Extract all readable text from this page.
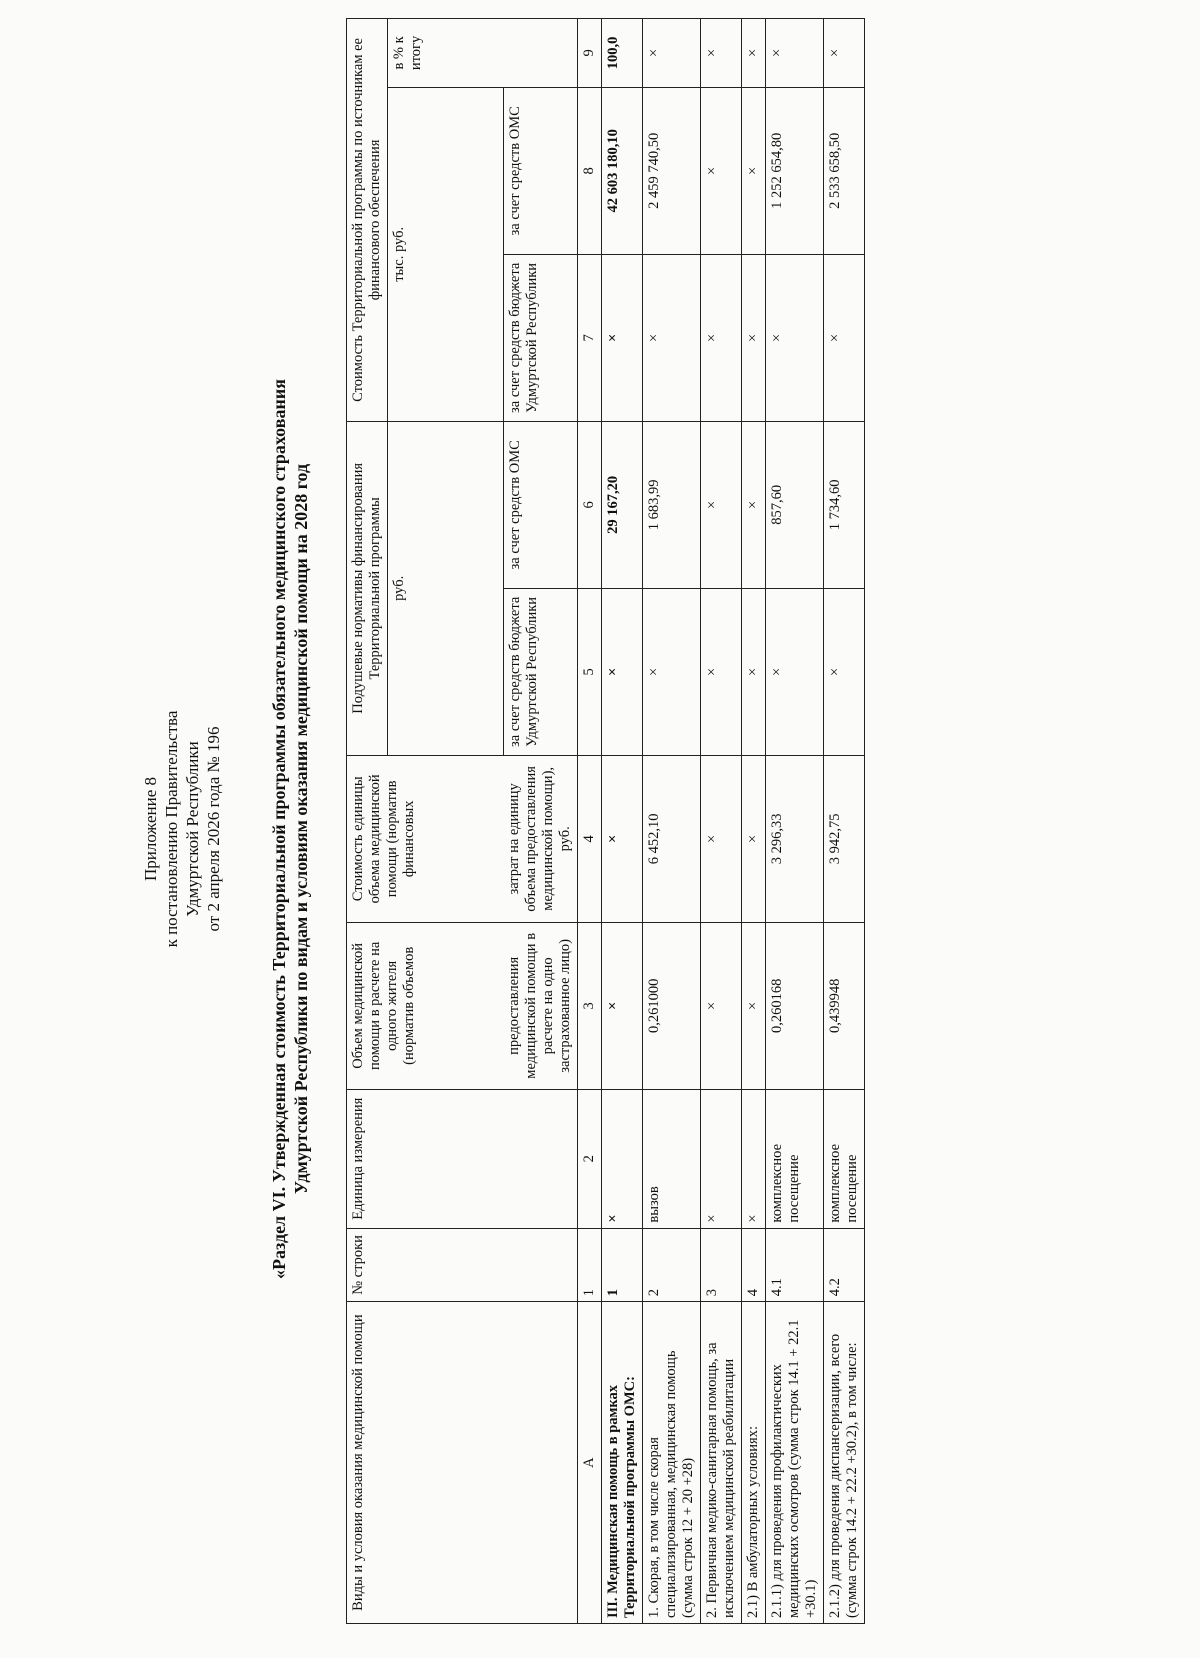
Приложение 8 к постановлению Правительства Удмуртской Республики от 2 апреля 2026 года № 196	«Раздел VI. Утвержденная стоимость Территориальной программы обязательного медицинского страхования Удмуртской Республики по видам и условиям оказания медицинской помощи на 2028 год
Виды и условия оказания медицинской помощи	№ строки	Единица измерения	Объем медицинской помощи в расчете на одного жителя (норматив объемов	Стоимость единицы объема медицинской помощи (норматив финансовых	Подушевые нормативы финансирования Территориальной программы		Стоимость Территориальной программы по источникам ее финансового обеспечения		
					руб.		тыс. руб.		в % к итогу
			предоставления медицинской помощи в расчете на одно застрахованное лицо)	затрат на единицу объема предоставления медицинской помощи), руб.	за счет средств бюджета Удмуртской Республики	за счет средств ОМС	за счет средств бюджета Удмуртской Республики	за счет средств ОМС	
А	1	2	3	4	5	6	7	8	9
III. Медицинская помощь в рамках Территориальной программы ОМС:	1	×	×	×	×	29 167,20	×	42 603 180,10	100,0
1. Скорая, в том числе скорая специализированная, медицинская помощь (сумма строк 12 + 20 +28)	2	вызов	0,261000	6 452,10	×	1 683,99	×	2 459 740,50	×
2. Первичная медико-санитарная помощь, за исключением медицинской реабилитации	3	×	×	×	×	×	×	×	×
2.1) В амбулаторных условиях:	4	×	×	×	×	×	×	×	×
2.1.1) для проведения профилактических медицинских осмотров (сумма строк 14.1 + 22.1 +30.1)	4.1	комплексное посещение	0,260168	3 296,33	×	857,60	×	1 252 654,80	×
2.1.2) для проведения диспансеризации, всего (сумма строк 14.2 + 22.2 +30.2), в том числе:	4.2	комплексное посещение	0,439948	3 942,75	×	1 734,60	×	2 533 658,50	×
